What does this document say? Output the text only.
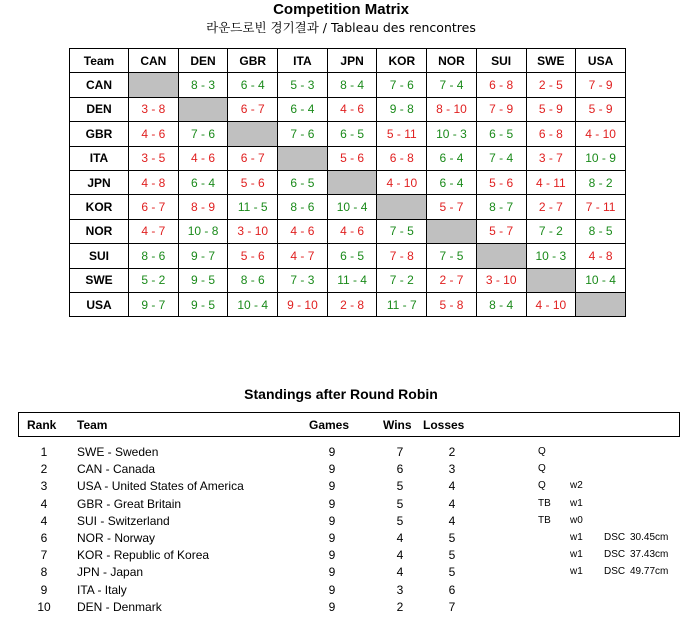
Competition Matrix
라운드로빈 경기결과 / Tableau des rencontres
Team	CAN	DEN	GBR	ITA	JPN	KOR	NOR	SUI	SWE	USA
CAN		8 - 3	6 - 4	5 - 3	8 - 4	7 - 6	7 - 4	6 - 8	2 - 5	7 - 9
DEN	3 - 8		6 - 7	6 - 4	4 - 6	9 - 8	8 - 10	7 - 9	5 - 9	5 - 9
GBR	4 - 6	7 - 6		7 - 6	6 - 5	5 - 11	10 - 3	6 - 5	6 - 8	4 - 10
ITA	3 - 5	4 - 6	6 - 7		5 - 6	6 - 8	6 - 4	7 - 4	3 - 7	10 - 9
JPN	4 - 8	6 - 4	5 - 6	6 - 5		4 - 10	6 - 4	5 - 6	4 - 11	8 - 2
KOR	6 - 7	8 - 9	11 - 5	8 - 6	10 - 4		5 - 7	8 - 7	2 - 7	7 - 11
NOR	4 - 7	10 - 8	3 - 10	4 - 6	4 - 6	7 - 5		5 - 7	7 - 2	8 - 5
SUI	8 - 6	9 - 7	5 - 6	4 - 7	6 - 5	7 - 8	7 - 5		10 - 3	4 - 8
SWE	5 - 2	9 - 5	8 - 6	7 - 3	11 - 4	7 - 2	2 - 7	3 - 10		10 - 4
USA	9 - 7	9 - 5	10 - 4	9 - 10	2 - 8	11 - 7	5 - 8	8 - 4	4 - 10	
Standings after Round Robin
Rank Team	Games	Wins Losses
1	SWE - Sweden	9	7	2	Q
2	CAN - Canada	9	6	3	Q
3	USA - United States of America	9	5	4	Q w2
4	GBR - Great Britain	9	5	4	TB w1
4	SUI - Switzerland	9	5	4	TB w0
6	NOR - Norway	9	4	5	w1 DSC 30.45cm
7	KOR - Republic of Korea	9	4	5	w1 DSC 37.43cm
8	JPN - Japan	9	4	5	w1 DSC 49.77cm
9	ITA - Italy	9	3	6
10 DEN - Denmark	9	2	7
